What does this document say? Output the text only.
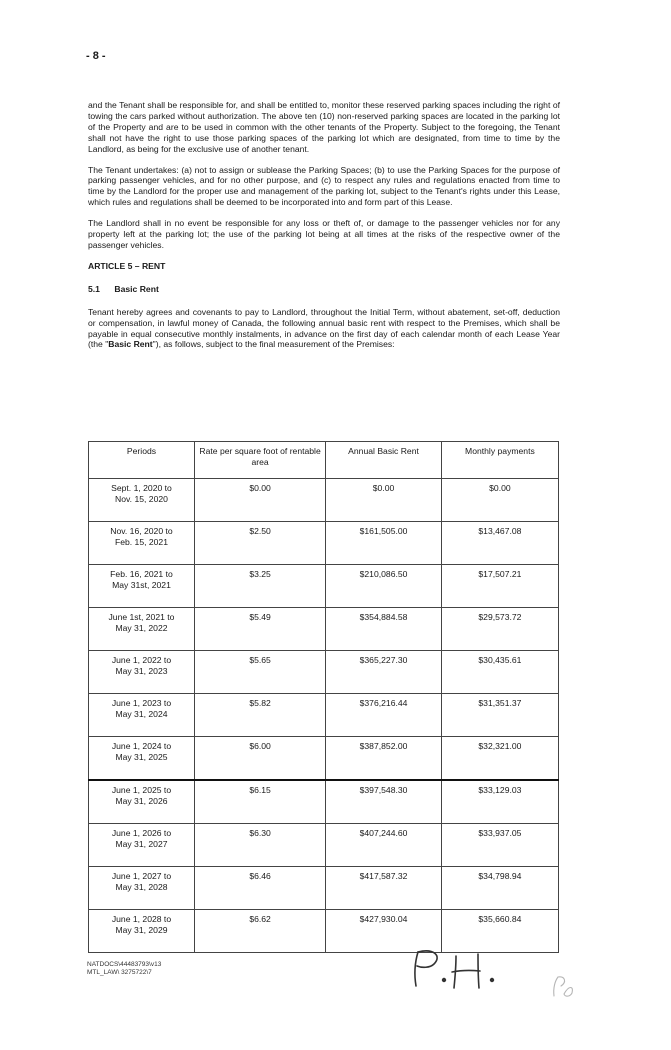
- 8 -

and the Tenant shall be responsible for, and shall be entitled to, monitor these reserved parking spaces including the right of towing the cars parked without authorization. The above ten (10) non-reserved parking spaces are located in the parking lot of the Property and are to be used in common with the other tenants of the Property. Subject to the foregoing, the Tenant shall not have the right to use those parking spaces of the parking lot which are designated, from time to time by the Landlord, as being for the exclusive use of another tenant.

The Tenant undertakes: (a) not to assign or sublease the Parking Spaces; (b) to use the Parking Spaces for the purpose of parking passenger vehicles, and for no other purpose, and (c) to respect any rules and regulations enacted from time to time by the Landlord for the proper use and management of the parking lot, subject to the Tenant's rights under this Lease, which rules and regulations shall be deemed to be incorporated into and form part of this Lease.

The Landlord shall in no event be responsible for any loss or theft of, or damage to the passenger vehicles nor for any property left at the parking lot; the use of the parking lot being at all times at the risks of the respective owner of the passenger vehicles.

ARTICLE 5 – RENT
5.1 Basic Rent

Tenant hereby agrees and covenants to pay to Landlord, throughout the Initial Term, without abatement, set-off, deduction or compensation, in lawful money of Canada, the following annual basic rent with respect to the Premises, which shall be payable in equal consecutive monthly instalments, in advance on the first day of each calendar month of each Lease Year (the "Basic Rent"), as follows, subject to the final measurement of the Premises:

Periods	Rate per square foot of rentable area	Annual Basic Rent	Monthly payments
Sept. 1, 2020 to
Nov. 15, 2020	$0.00	$0.00	$0.00
Nov. 16, 2020 to
Feb. 15, 2021	$2.50	$161,505.00	$13,467.08
Feb. 16, 2021 to
May 31st, 2021	$3.25	$210,086.50	$17,507.21
June 1st, 2021 to
May 31, 2022	$5.49	$354,884.58	$29,573.72
June 1, 2022 to
May 31, 2023	$5.65	$365,227.30	$30,435.61
June 1, 2023 to
May 31, 2024	$5.82	$376,216.44	$31,351.37
June 1, 2024 to
May 31, 2025	$6.00	$387,852.00	$32,321.00
June 1, 2025 to
May 31, 2026	$6.15	$397,548.30	$33,129.03
June 1, 2026 to
May 31, 2027	$6.30	$407,244.60	$33,937.05
June 1, 2027 to
May 31, 2028	$6.46	$417,587.32	$34,798.94
June 1, 2028 to
May 31, 2029	$6.62	$427,930.04	$35,660.84
NATDOCS\44483793\v13
MTL_LAW\ 3275722\7
